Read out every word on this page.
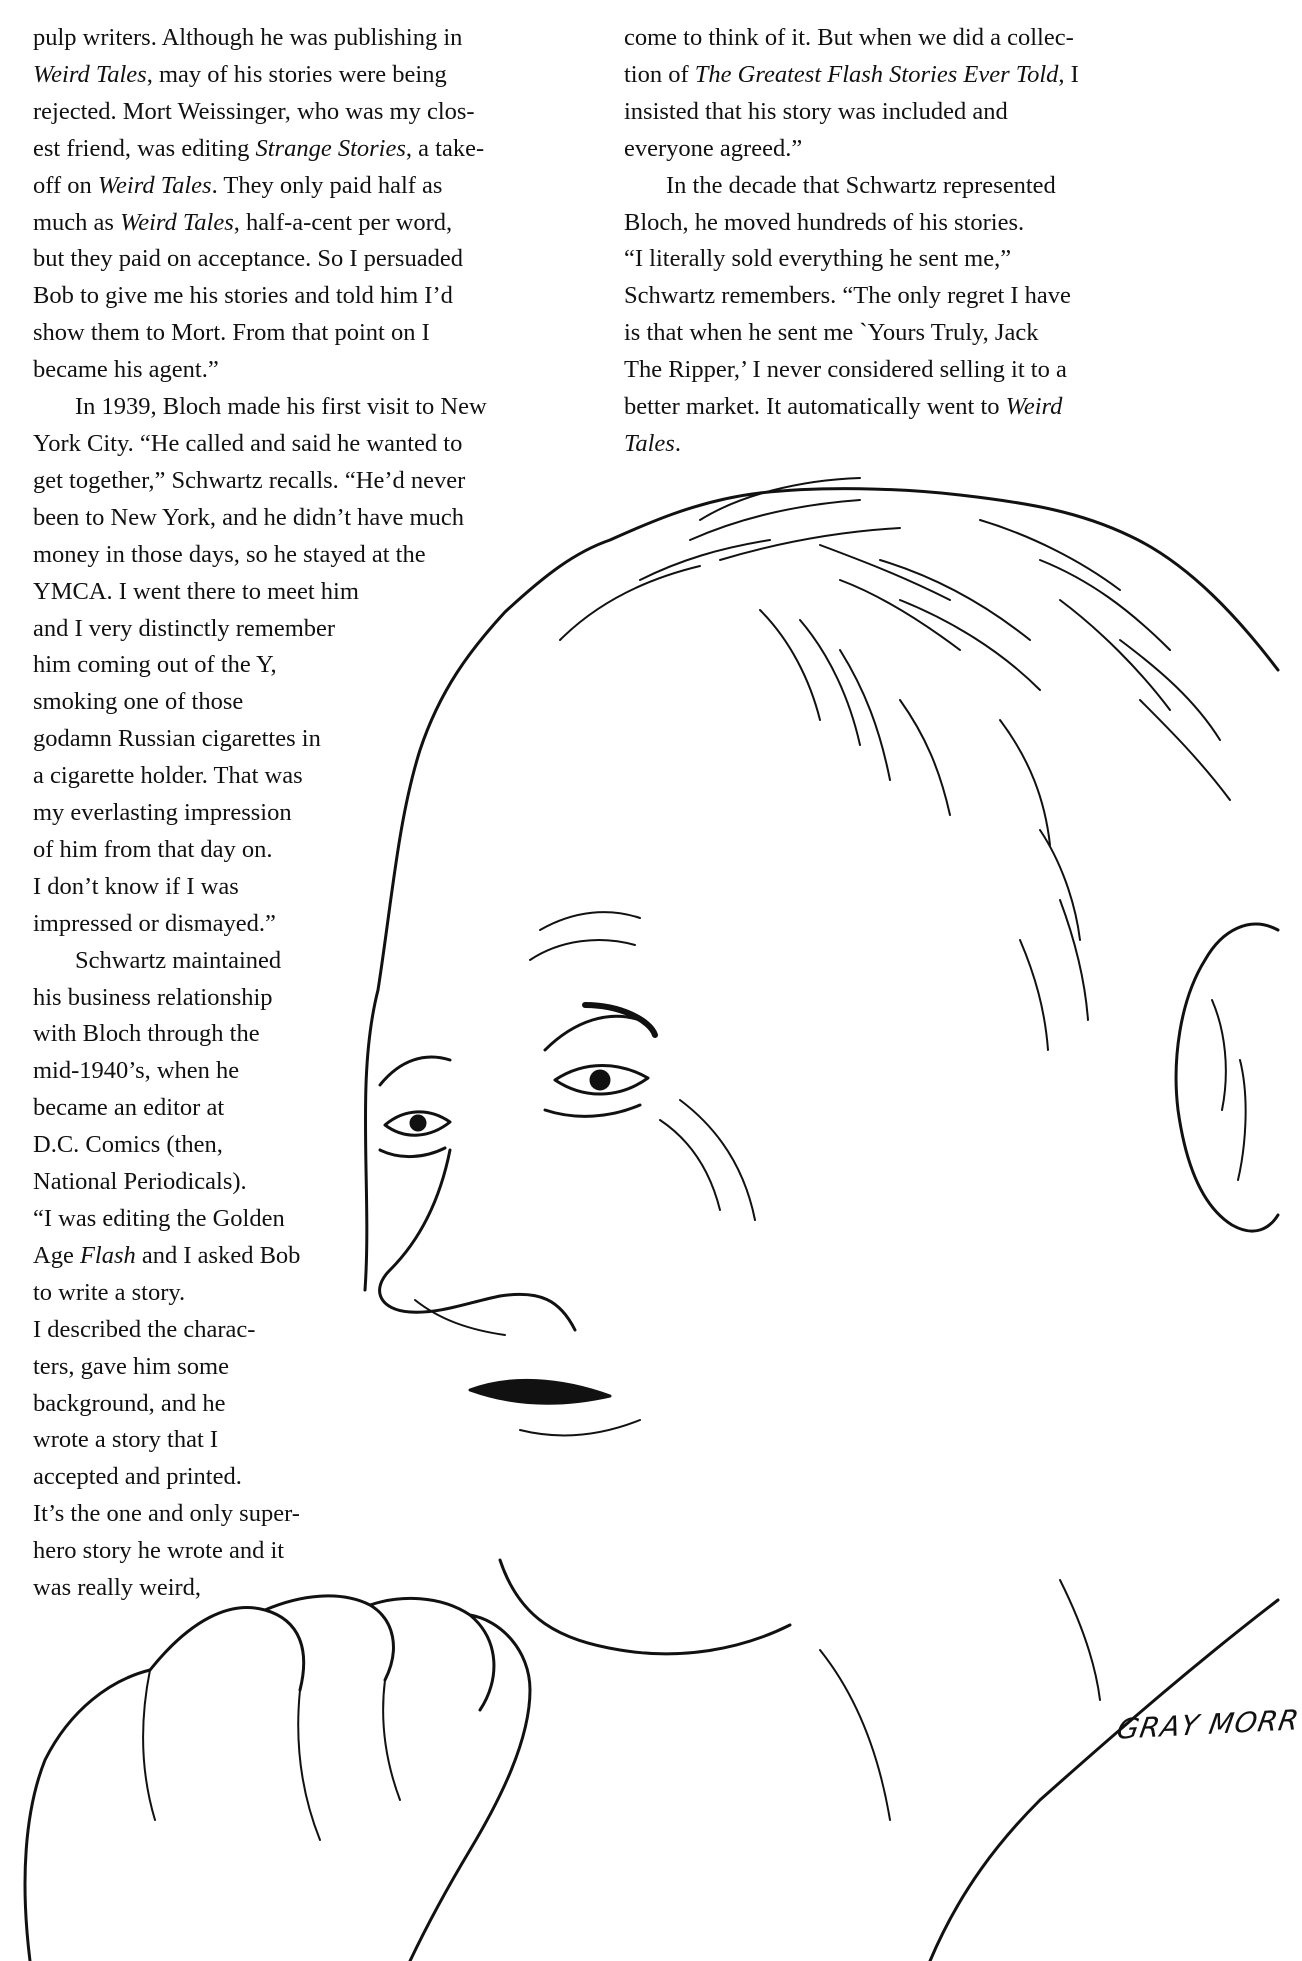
pulp writers. Although he was publishing in
Weird Tales, may of his stories were being
rejected. Mort Weissinger, who was my clos-
est friend, was editing Strange Stories, a take-
off on Weird Tales. They only paid half as
much as Weird Tales, half-a-cent per word,
but they paid on acceptance. So I persuaded
Bob to give me his stories and told him I’d
show them to Mort. From that point on I
became his agent.”
In 1939, Bloch made his first visit to New
York City. “He called and said he wanted to
get together,” Schwartz recalls. “He’d never
been to New York, and he didn’t have much
money in those days, so he stayed at the
YMCA. I went there to meet him
and I very distinctly remember
him coming out of the Y,
smoking one of those
godamn Russian cigarettes in
a cigarette holder. That was
my everlasting impression
of him from that day on.
I don’t know if I was
impressed or dismayed.”
Schwartz maintained
his business relationship
with Bloch through the
mid-1940’s, when he
became an editor at
D.C. Comics (then,
National Periodicals).
“I was editing the Golden
Age Flash and I asked Bob
to write a story.
I described the charac-
ters, gave him some
background, and he
wrote a story that I
accepted and printed.
It’s the one and only super-
hero story he wrote and it
was really weird,
come to think of it. But when we did a collec-
tion of The Greatest Flash Stories Ever Told, I
insisted that his story was included and
everyone agreed.”
In the decade that Schwartz represented
Bloch, he moved hundreds of his stories.
“I literally sold everything he sent me,”
Schwartz remembers. “The only regret I have
is that when he sent me `Yours Truly, Jack
The Ripper,’ I never considered selling it to a
better market. It automatically went to Weird
Tales.
GRAY MORR
